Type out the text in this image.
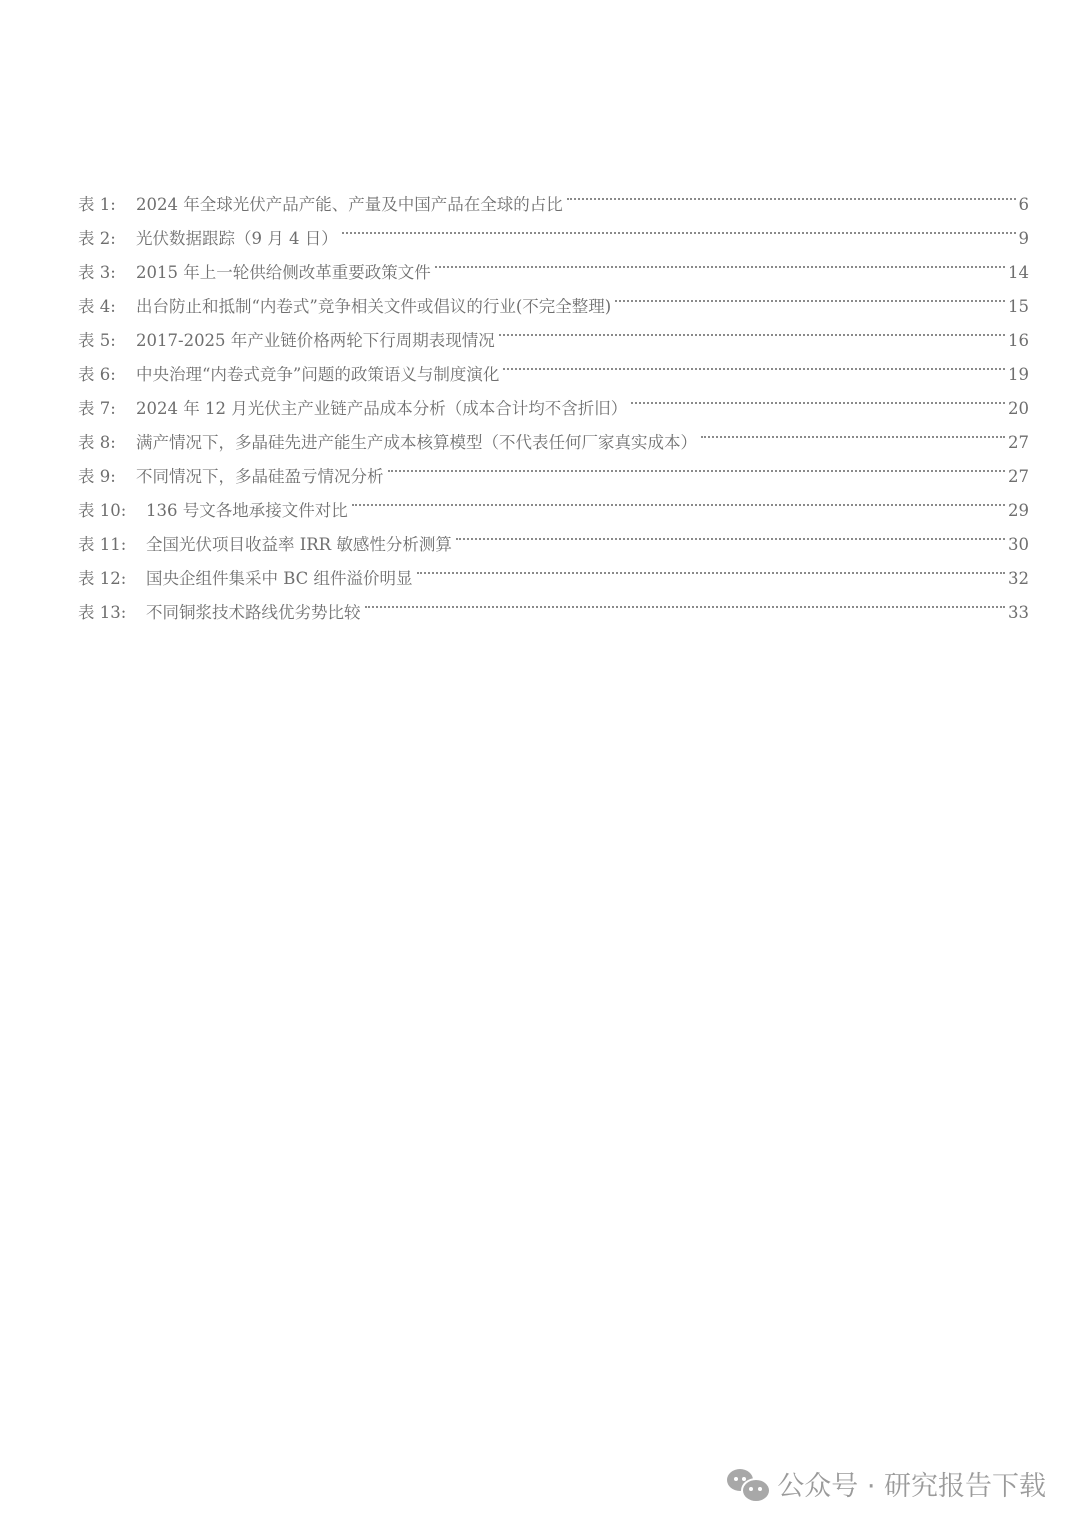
表 1:	2024 年全球光伏产品产能、产量及中国产品在全球的占比	6
表 2:	光伏数据跟踪（9 月 4 日）	9
表 3:	2015 年上一轮供给侧改革重要政策文件	14
表 4:	出台防止和抵制“内卷式”竞争相关文件或倡议的行业(不完全整理)	15
表 5:	2017-2025 年产业链价格两轮下行周期表现情况	16
表 6:	中央治理“内卷式竞争”问题的政策语义与制度演化	19
表 7:	2024 年 12 月光伏主产业链产品成本分析（成本合计均不含折旧）	20
表 8:	满产情况下，多晶硅先进产能生产成本核算模型（不代表任何厂家真实成本）	27
表 9:	不同情况下，多晶硅盈亏情况分析	27
表 10:	136 号文各地承接文件对比	29
表 11:	全国光伏项目收益率 IRR 敏感性分析测算	30
表 12:	国央企组件集采中 BC 组件溢价明显	32
表 13:	不同铜浆技术路线优劣势比较	33
公众号 · 研究报告下载
